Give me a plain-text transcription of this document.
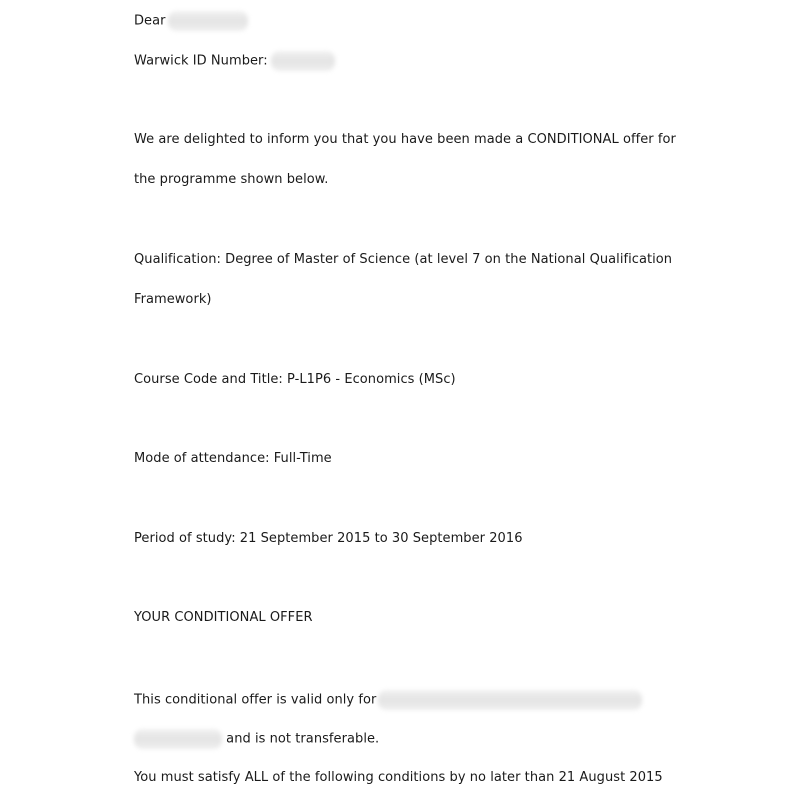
Dear
Warwick ID Number:
We are delighted to inform you that you have been made a CONDITIONAL offer for
the programme shown below.
Qualification: Degree of Master of Science (at level 7 on the National Qualification
Framework)
Course Code and Title: P-L1P6 - Economics (MSc)
Mode of attendance: Full-Time
Period of study: 21 September 2015 to 30 September 2016
YOUR CONDITIONAL OFFER
This conditional offer is valid only for
and is not transferable.
You must satisfy ALL of the following conditions by no later than 21 August 2015
